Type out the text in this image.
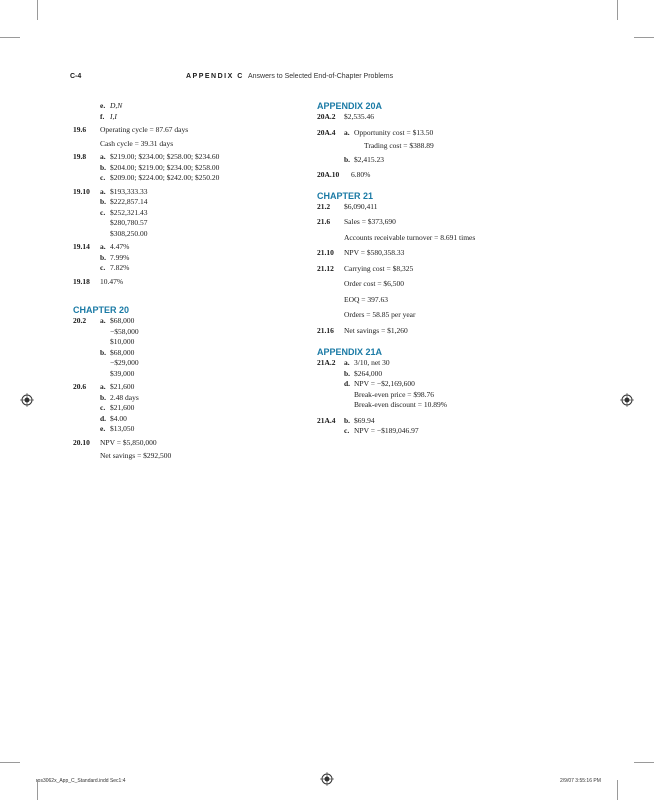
C-4	APPENDIX C Answers to Selected End-of-Chapter Problems
e. D,N
f. I,I
19.6	Operating cycle = 87.67 days
Cash cycle = 39.31 days
19.8	a. $219.00; $234.00; $258.00; $234.60
b. $204.00; $219.00; $234.00; $258.00
c. $209.00; $224.00; $242.00; $250.20
19.10	a. $193,333.33
b. $222,857.14
c. $252,321.43
$280,780.57
$308,250.00
19.14	a. 4.47%
b. 7.99%
c. 7.82%
19.18	10.47%
CHAPTER 20
20.2	a. $68,000
−$58,000
$10,000
b. $68,000
−$29,000
$39,000
20.6	a. $21,600
b. 2.48 days
c. $21,600
d. $4.00
e. $13,050
20.10	NPV = $5,850,000
Net savings = $292,500
APPENDIX 20A
20A.2	$2,535.46
20A.4	a. Opportunity cost = $13.50
Trading cost = $388.89
b. $2,415.23
20A.10	6.80%
CHAPTER 21
21.2	$6,090,411
21.6	Sales = $373,690
Accounts receivable turnover = 8.691 times
21.10	NPV = $580,358.33
21.12	Carrying cost = $8,325
Order cost = $6,500
EOQ = 397.63
Orders = 58.85 per year
21.16	Net savings = $1,260
APPENDIX 21A
21A.2	a. 3/10, net 30
b. $264,000
d. NPV = −$2,169,600
Break-even price = $98.76
Break-even discount = 10.89%
21A.4	b. $69.94
c. NPV = −$189,046.97
ros3062x_App_C_Standard.indd Sec1:4	2/9/07 3:55:16 PM
